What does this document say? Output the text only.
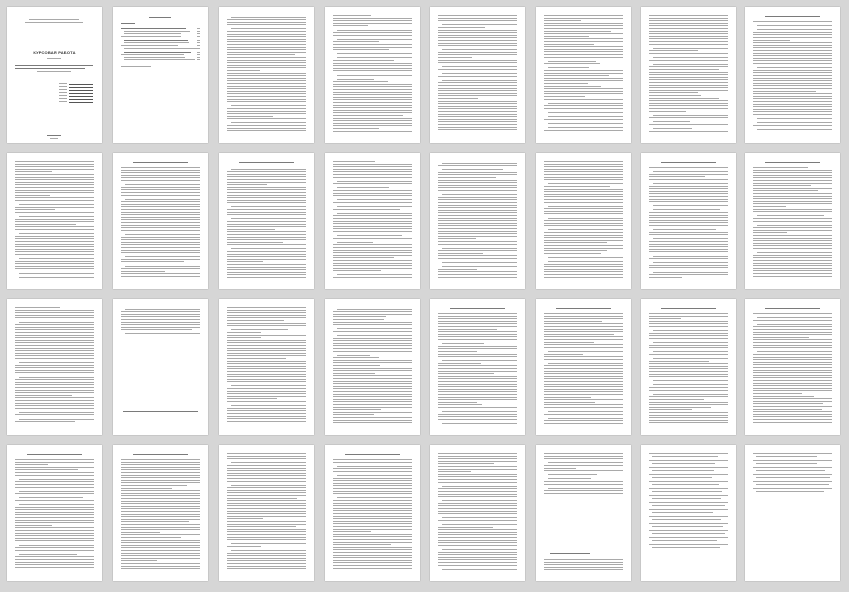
КУРСОВАЯ РАБОТА
